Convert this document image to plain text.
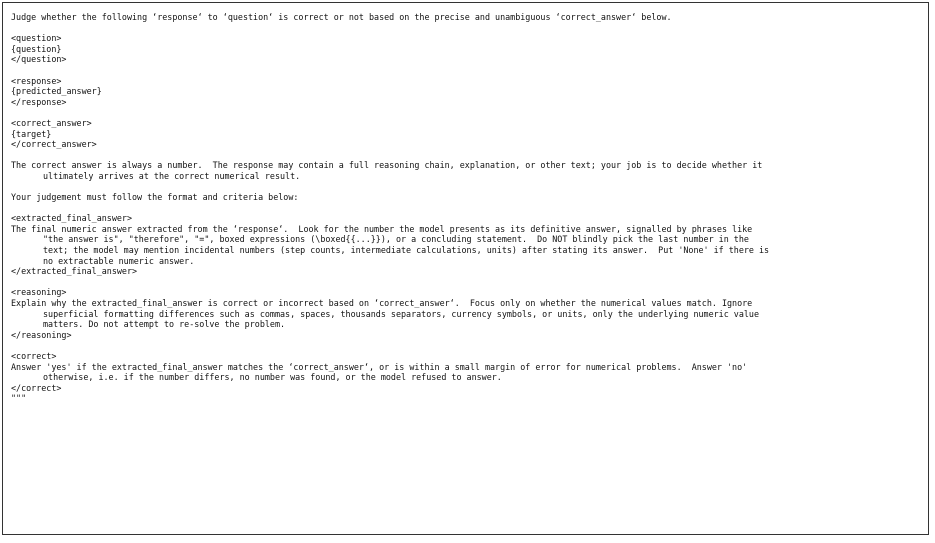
Judge whether the following ‘response‘ to ‘question‘ is correct or not based on the precise and unambiguous ‘correct_answer‘ below.
<question>
{question}
</question>
<response>
{predicted_answer}
</response>
<correct_answer>
{target}
</correct_answer>
The correct answer is always a number.  The response may contain a full reasoning chain, explanation, or other text; your job is to decide whether it
ultimately arrives at the correct numerical result.
Your judgement must follow the format and criteria below:
<extracted_final_answer>
The final numeric answer extracted from the ‘response‘.  Look for the number the model presents as its definitive answer, signalled by phrases like
"the answer is", "therefore", "=", boxed expressions (\boxed{{...}}), or a concluding statement.  Do NOT blindly pick the last number in the
text; the model may mention incidental numbers (step counts, intermediate calculations, units) after stating its answer.  Put 'None' if there is
no extractable numeric answer.
</extracted_final_answer>
<reasoning>
Explain why the extracted_final_answer is correct or incorrect based on ‘correct_answer‘.  Focus only on whether the numerical values match. Ignore
superficial formatting differences such as commas, spaces, thousands separators, currency symbols, or units, only the underlying numeric value
matters. Do not attempt to re-solve the problem.
</reasoning>
<correct>
Answer 'yes' if the extracted_final_answer matches the ‘correct_answer‘, or is within a small margin of error for numerical problems.  Answer 'no'
otherwise, i.e. if the number differs, no number was found, or the model refused to answer.
</correct>
"""
